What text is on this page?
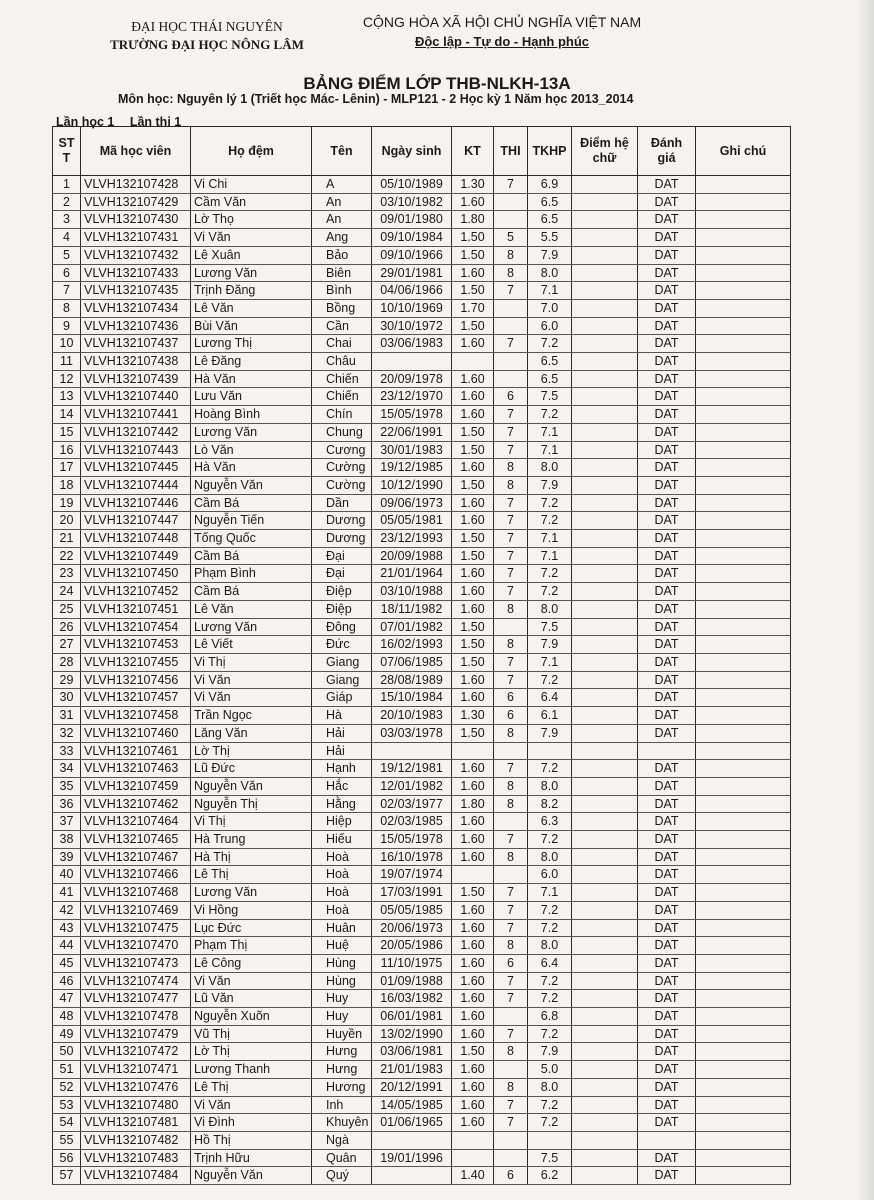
ĐẠI HỌC THÁI NGUYÊN
TRƯỜNG ĐẠI HỌC NÔNG LÂM
CỘNG HÒA XÃ HỘI CHỦ NGHĨA VIỆT NAM
Độc lập - Tự do - Hạnh phúc
BẢNG ĐIỂM LỚP THB-NLKH-13A
Môn học: Nguyên lý 1 (Triết học Mác- Lênin) - MLP121 - 2 Học kỳ 1 Năm học 2013_2014
Lần học 1 Lần thi 1
ST T	Mã học viên	Họ đệm	Tên	Ngày sinh	KT	THI	TKHP	Điểm hệ chữ	Đánh giá	Ghi chú
1	VLVH132107428	Vi Chi	A	05/10/1989	1.30	7	6.9		DAT	
2	VLVH132107429	Cầm Văn	An	03/10/1982	1.60		6.5		DAT	
3	VLVH132107430	Lờ Thọ	An	09/01/1980	1.80		6.5		DAT	
4	VLVH132107431	Vi Văn	Ang	09/10/1984	1.50	5	5.5		DAT	
5	VLVH132107432	Lê Xuân	Bảo	09/10/1966	1.50	8	7.9		DAT	
6	VLVH132107433	Lương Văn	Biên	29/01/1981	1.60	8	8.0		DAT	
7	VLVH132107435	Trịnh Đăng	Bình	04/06/1966	1.50	7	7.1		DAT	
8	VLVH132107434	Lê Văn	Bồng	10/10/1969	1.70		7.0		DAT	
9	VLVH132107436	Bùi Văn	Cần	30/10/1972	1.50		6.0		DAT	
10	VLVH132107437	Lương Thị	Chai	03/06/1983	1.60	7	7.2		DAT	
11	VLVH132107438	Lê Đăng	Châu				6.5		DAT	
12	VLVH132107439	Hà Văn	Chiến	20/09/1978	1.60		6.5		DAT	
13	VLVH132107440	Lưu Văn	Chiến	23/12/1970	1.60	6	7.5		DAT	
14	VLVH132107441	Hoàng Bình	Chín	15/05/1978	1.60	7	7.2		DAT	
15	VLVH132107442	Lương Văn	Chung	22/06/1991	1.50	7	7.1		DAT	
16	VLVH132107443	Lò Văn	Cương	30/01/1983	1.50	7	7.1		DAT	
17	VLVH132107445	Hà Văn	Cường	19/12/1985	1.60	8	8.0		DAT	
18	VLVH132107444	Nguyễn Văn	Cường	10/12/1990	1.50	8	7.9		DAT	
19	VLVH132107446	Cầm Bá	Dần	09/06/1973	1.60	7	7.2		DAT	
20	VLVH132107447	Nguyễn Tiến	Dương	05/05/1981	1.60	7	7.2		DAT	
21	VLVH132107448	Tống Quốc	Dương	23/12/1993	1.50	7	7.1		DAT	
22	VLVH132107449	Cầm Bá	Đại	20/09/1988	1.50	7	7.1		DAT	
23	VLVH132107450	Phạm Bình	Đại	21/01/1964	1.60	7	7.2		DAT	
24	VLVH132107452	Cầm Bá	Điệp	03/10/1988	1.60	7	7.2		DAT	
25	VLVH132107451	Lê Văn	Điệp	18/11/1982	1.60	8	8.0		DAT	
26	VLVH132107454	Lương Văn	Đông	07/01/1982	1.50		7.5		DAT	
27	VLVH132107453	Lê Viết	Đức	16/02/1993	1.50	8	7.9		DAT	
28	VLVH132107455	Vi Thị	Giang	07/06/1985	1.50	7	7.1		DAT	
29	VLVH132107456	Vi Văn	Giang	28/08/1989	1.60	7	7.2		DAT	
30	VLVH132107457	Vi Văn	Giáp	15/10/1984	1.60	6	6.4		DAT	
31	VLVH132107458	Trần Ngọc	Hà	20/10/1983	1.30	6	6.1		DAT	
32	VLVH132107460	Lăng Văn	Hải	03/03/1978	1.50	8	7.9		DAT	
33	VLVH132107461	Lờ Thị	Hải							
34	VLVH132107463	Lũ Đức	Hạnh	19/12/1981	1.60	7	7.2		DAT	
35	VLVH132107459	Nguyễn Văn	Hắc	12/01/1982	1.60	8	8.0		DAT	
36	VLVH132107462	Nguyễn Thị	Hằng	02/03/1977	1.80	8	8.2		DAT	
37	VLVH132107464	Vi Thị	Hiệp	02/03/1985	1.60		6.3		DAT	
38	VLVH132107465	Hà Trung	Hiếu	15/05/1978	1.60	7	7.2		DAT	
39	VLVH132107467	Hà Thị	Hoà	16/10/1978	1.60	8	8.0		DAT	
40	VLVH132107466	Lê Thị	Hoà	19/07/1974			6.0		DAT	
41	VLVH132107468	Lương Văn	Hoà	17/03/1991	1.50	7	7.1		DAT	
42	VLVH132107469	Vi Hồng	Hoà	05/05/1985	1.60	7	7.2		DAT	
43	VLVH132107475	Lục Đức	Huân	20/06/1973	1.60	7	7.2		DAT	
44	VLVH132107470	Phạm Thị	Huệ	20/05/1986	1.60	8	8.0		DAT	
45	VLVH132107473	Lê Công	Hùng	11/10/1975	1.60	6	6.4		DAT	
46	VLVH132107474	Vi Văn	Hùng	01/09/1988	1.60	7	7.2		DAT	
47	VLVH132107477	Lũ Văn	Huy	16/03/1982	1.60	7	7.2		DAT	
48	VLVH132107478	Nguyễn Xuõn	Huy	06/01/1981	1.60		6.8		DAT	
49	VLVH132107479	Vũ Thị	Huyền	13/02/1990	1.60	7	7.2		DAT	
50	VLVH132107472	Lờ Thị	Hưng	03/06/1981	1.50	8	7.9		DAT	
51	VLVH132107471	Lương Thanh	Hưng	21/01/1983	1.60		5.0		DAT	
52	VLVH132107476	Lê Thị	Hương	20/12/1991	1.60	8	8.0		DAT	
53	VLVH132107480	Vi Văn	Inh	14/05/1985	1.60	7	7.2		DAT	
54	VLVH132107481	Vi Đình	Khuyên	01/06/1965	1.60	7	7.2		DAT	
55	VLVH132107482	Hồ Thị	Ngà							
56	VLVH132107483	Trịnh Hữu	Quân	19/01/1996			7.5		DAT	
57	VLVH132107484	Nguyễn Văn	Quý		1.40	6	6.2		DAT	
